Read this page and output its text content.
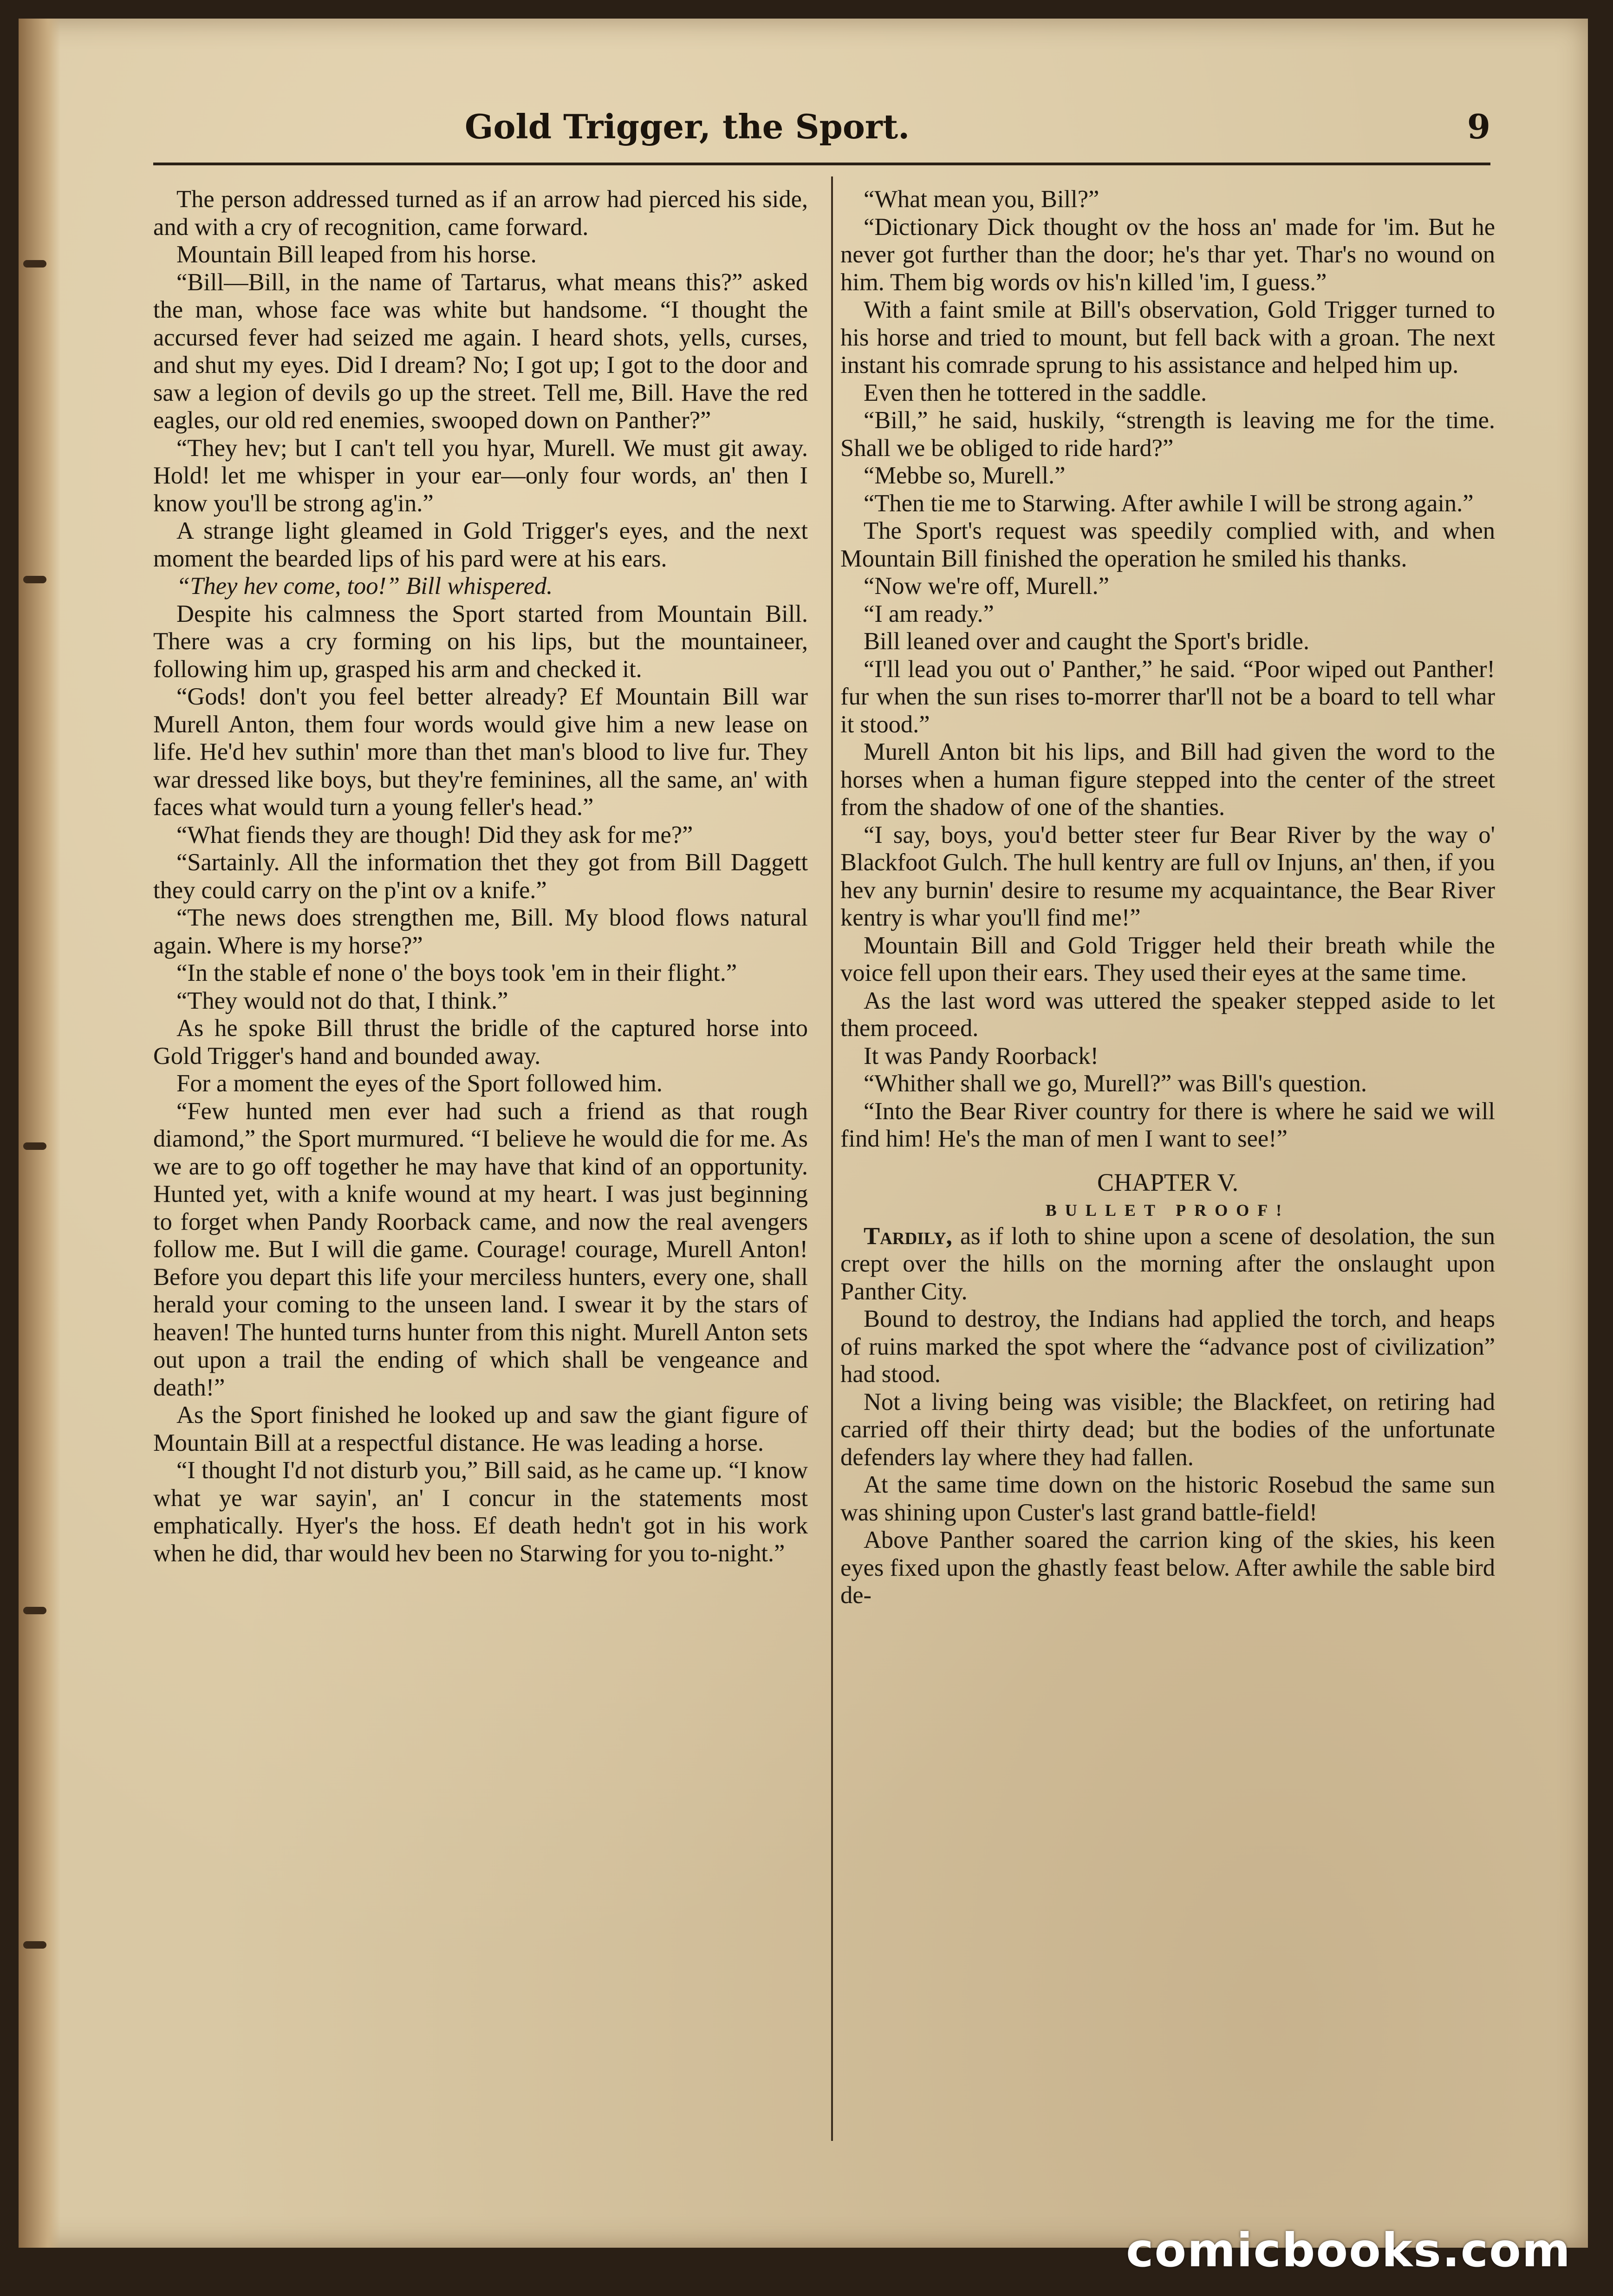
Gold Trigger, the Sport.	9

The person addressed turned as if an arrow had pierced his side, and with a cry of recognition, came forward.

Mountain Bill leaped from his horse.

“Bill—Bill, in the name of Tartarus, what means this?” asked the man, whose face was white but handsome. “I thought the accursed fever had seized me again. I heard shots, yells, curses, and shut my eyes. Did I dream? No; I got up; I got to the door and saw a legion of devils go up the street. Tell me, Bill. Have the red eagles, our old red enemies, swooped down on Panther?”

“They hev; but I can't tell you hyar, Murell. We must git away. Hold! let me whisper in your ear—only four words, an' then I know you'll be strong ag'in.”

A strange light gleamed in Gold Trigger's eyes, and the next moment the bearded lips of his pard were at his ears.

“They hev come, too!” Bill whispered.

Despite his calmness the Sport started from Mountain Bill. There was a cry forming on his lips, but the mountaineer, following him up, grasped his arm and checked it.

“Gods! don't you feel better already? Ef Mountain Bill war Murell Anton, them four words would give him a new lease on life. He'd hev suthin' more than thet man's blood to live fur. They war dressed like boys, but they're feminines, all the same, an' with faces what would turn a young feller's head.”

“What fiends they are though! Did they ask for me?”

“Sartainly. All the information thet they got from Bill Daggett they could carry on the p'int ov a knife.”

“The news does strengthen me, Bill. My blood flows natural again. Where is my horse?”

“In the stable ef none o' the boys took 'em in their flight.”

“They would not do that, I think.”

As he spoke Bill thrust the bridle of the captured horse into Gold Trigger's hand and bounded away.

For a moment the eyes of the Sport followed him.

“Few hunted men ever had such a friend as that rough diamond,” the Sport murmured. “I believe he would die for me. As we are to go off together he may have that kind of an opportunity. Hunted yet, with a knife wound at my heart. I was just beginning to forget when Pandy Roorback came, and now the real avengers follow me. But I will die game. Courage! courage, Murell Anton! Before you depart this life your merciless hunters, every one, shall herald your coming to the unseen land. I swear it by the stars of heaven! The hunted turns hunter from this night. Murell Anton sets out upon a trail the ending of which shall be vengeance and death!”

As the Sport finished he looked up and saw the giant figure of Mountain Bill at a respectful distance. He was leading a horse.

“I thought I'd not disturb you,” Bill said, as he came up. “I know what ye war sayin', an' I concur in the statements most emphatically. Hyer's the hoss. Ef death hedn't got in his work when he did, thar would hev been no Starwing for you to-night.”

“What mean you, Bill?”

“Dictionary Dick thought ov the hoss an' made for 'im. But he never got further than the door; he's thar yet. Thar's no wound on him. Them big words ov his'n killed 'im, I guess.”

With a faint smile at Bill's observation, Gold Trigger turned to his horse and tried to mount, but fell back with a groan. The next instant his comrade sprung to his assistance and helped him up.

Even then he tottered in the saddle.

“Bill,” he said, huskily, “strength is leaving me for the time. Shall we be obliged to ride hard?”

“Mebbe so, Murell.”

“Then tie me to Starwing. After awhile I will be strong again.”

The Sport's request was speedily complied with, and when Mountain Bill finished the operation he smiled his thanks.

“Now we're off, Murell.”

“I am ready.”

Bill leaned over and caught the Sport's bridle.

“I'll lead you out o' Panther,” he said. “Poor wiped out Panther! fur when the sun rises to-morrer thar'll not be a board to tell whar it stood.”

Murell Anton bit his lips, and Bill had given the word to the horses when a human figure stepped into the center of the street from the shadow of one of the shanties.

“I say, boys, you'd better steer fur Bear River by the way o' Blackfoot Gulch. The hull kentry are full ov Injuns, an' then, if you hev any burnin' desire to resume my acquaintance, the Bear River kentry is whar you'll find me!”

Mountain Bill and Gold Trigger held their breath while the voice fell upon their ears. They used their eyes at the same time.

As the last word was uttered the speaker stepped aside to let them proceed.

It was Pandy Roorback!

“Whither shall we go, Murell?” was Bill's question.

“Into the Bear River country for there is where he said we will find him! He's the man of men I want to see!”

CHAPTER V.
BULLET PROOF!

Tardily, as if loth to shine upon a scene of desolation, the sun crept over the hills on the morning after the onslaught upon Panther City.

Bound to destroy, the Indians had applied the torch, and heaps of ruins marked the spot where the “advance post of civilization” had stood.

Not a living being was visible; the Blackfeet, on retiring had carried off their thirty dead; but the bodies of the unfortunate defenders lay where they had fallen.

At the same time down on the historic Rosebud the same sun was shining upon Custer's last grand battle-field!

Above Panther soared the carrion king of the skies, his keen eyes fixed upon the ghastly feast below. After awhile the sable bird de-

comicbooks.com
